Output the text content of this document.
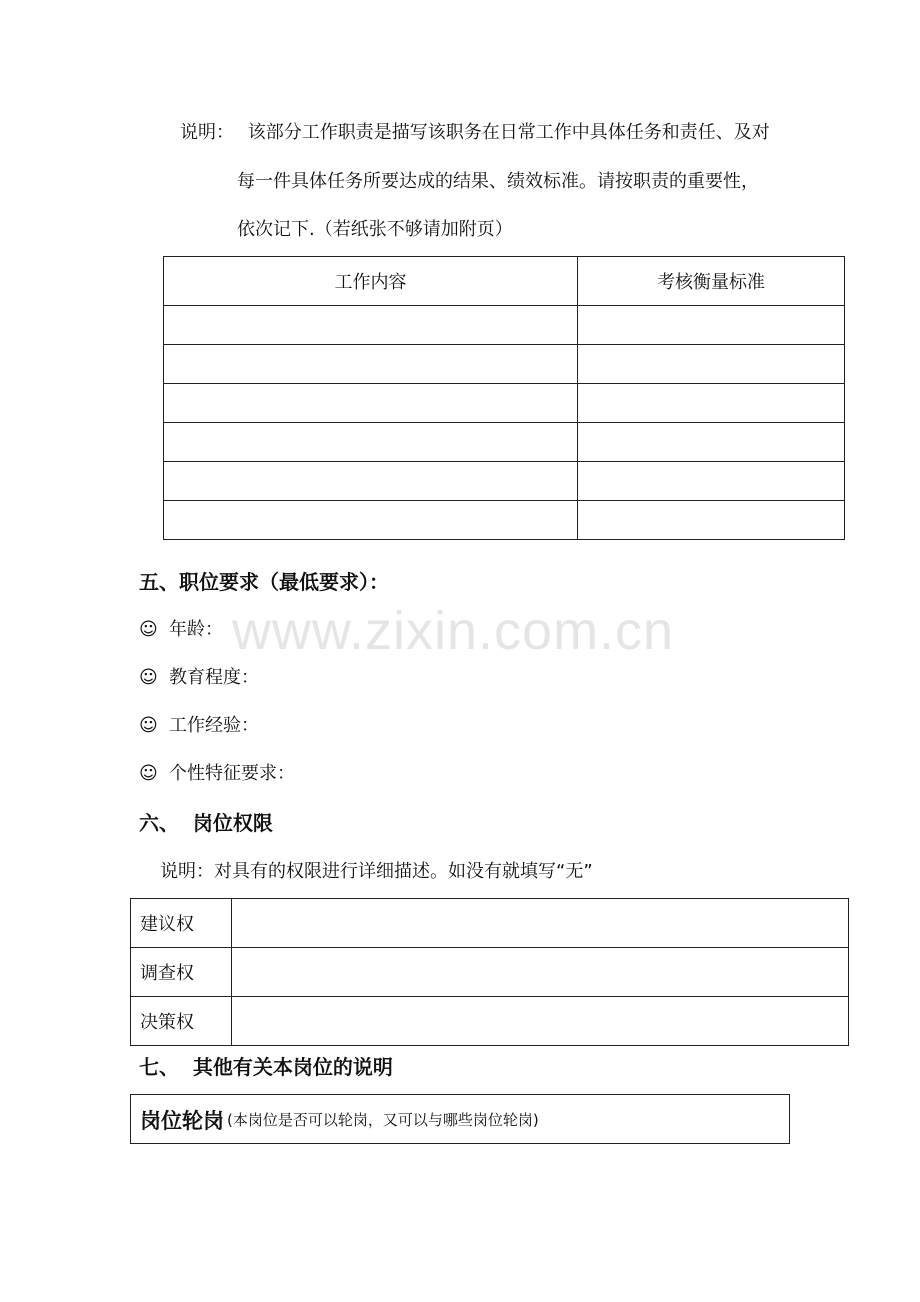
说明： 该部分工作职责是描写该职务在日常工作中具体任务和责任、及对
每一件具体任务所要达成的结果、绩效标准。请按职责的重要性，
依次记下.（若纸张不够请加附页）
工作内容	考核衡量标准

五、职位要求（最低要求）：
www.zixin.com.cn
☺ 年龄：
☺ 教育程度：
☺ 工作经验：
☺ 个性特征要求：
六、  岗位权限
说明：对具有的权限进行详细描述。如没有就填写“无”
建议权	
调查权	
决策权	
七、  其他有关本岗位的说明
岗位轮岗 (本岗位是否可以轮岗，又可以与哪些岗位轮岗)
